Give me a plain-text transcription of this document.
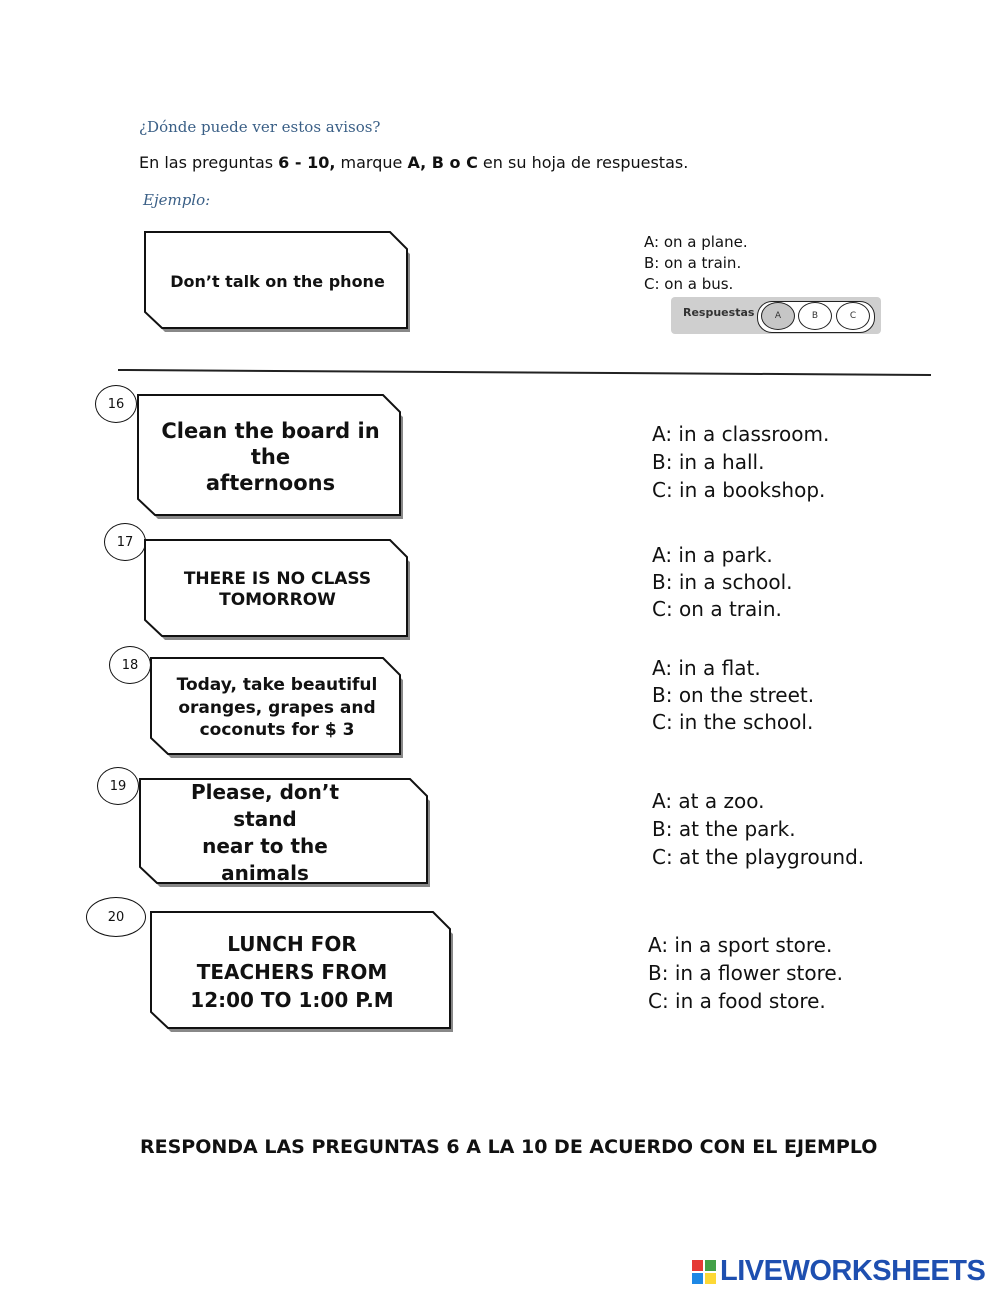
¿Dónde puede ver estos avisos?
En las preguntas 6 - 10, marque A, B o C en su hoja de respuestas.
Ejemplo:
Don’t talk on the phone
A: on a plane.
B: on a train.
C: on a bus.
Respuestas	A	B	C
16
Clean the board in
the
afternoons
A: in a classroom.
B: in a hall.
C: in a bookshop.
17
THERE IS NO CLASS
TOMORROW
A: in a park.
B: in a school.
C: on a train.
18
Today, take beautiful
oranges, grapes and
coconuts for $ 3
A: in a flat.
B: on the street.
C: in the school.
19	Please, don’t stand
near to the animals
A: at a zoo.
B: at the park.
C: at the playground.
20
LUNCH FOR
TEACHERS FROM
12:00 TO 1:00 P.M
A: in a sport store.
B: in a flower store.
C: in a food store.
RESPONDA LAS PREGUNTAS 6 A LA 10 DE ACUERDO CON EL EJEMPLO
LIVEWORKSHEETS
